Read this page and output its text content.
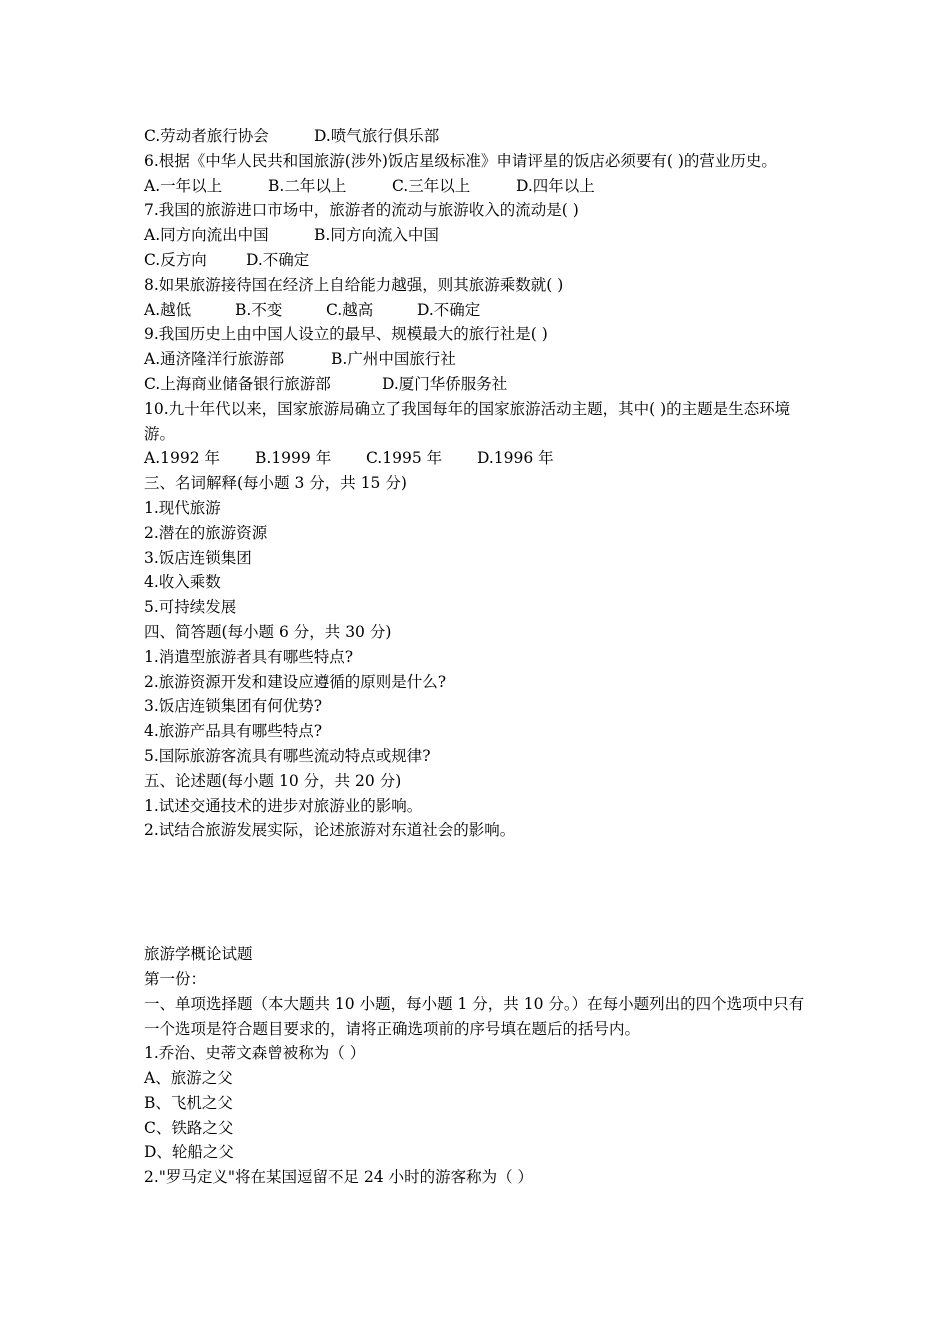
C.劳动者旅行协会	D.喷气旅行俱乐部
6.根据《中华人民共和国旅游(涉外)饭店星级标准》申请评星的饭店必须要有( )的营业历史。
A.一年以上	B.二年以上	C.三年以上	D.四年以上
7.我国的旅游进口市场中，旅游者的流动与旅游收入的流动是( )
A.同方向流出中国	B.同方向流入中国
C.反方向	D.不确定
8.如果旅游接待国在经济上自给能力越强，则其旅游乘数就( )
A.越低	B.不变	C.越高	D.不确定
9.我国历史上由中国人设立的最早、规模最大的旅行社是( )
A.通济隆洋行旅游部	B.广州中国旅行社
C.上海商业储备银行旅游部	D.厦门华侨服务社
10.九十年代以来，国家旅游局确立了我国每年的国家旅游活动主题，其中( )的主题是生态环境游。
A.1992 年 B.1999 年 C.1995 年 D.1996 年
三、名词解释(每小题 3 分，共 15 分)
1.现代旅游
2.潜在的旅游资源
3.饭店连锁集团
4.收入乘数
5.可持续发展
四、简答题(每小题 6 分，共 30 分)
1.消遣型旅游者具有哪些特点?
2.旅游资源开发和建设应遵循的原则是什么?
3.饭店连锁集团有何优势?
4.旅游产品具有哪些特点?
5.国际旅游客流具有哪些流动特点或规律?
五、论述题(每小题 10 分，共 20 分)
1.试述交通技术的进步对旅游业的影响。
2.试结合旅游发展实际，论述旅游对东道社会的影响。
旅游学概论试题
第一份：
一、单项选择题（本大题共 10 小题，每小题 1 分，共 10 分。）在每小题列出的四个选项中只有一个选项是符合题目要求的，请将正确选项前的序号填在题后的括号内。
1.乔治、史蒂文森曾被称为（ ）
A、旅游之父
B、飞机之父
C、铁路之父
D、轮船之父
2."罗马定义"将在某国逗留不足 24 小时的游客称为（ ）
